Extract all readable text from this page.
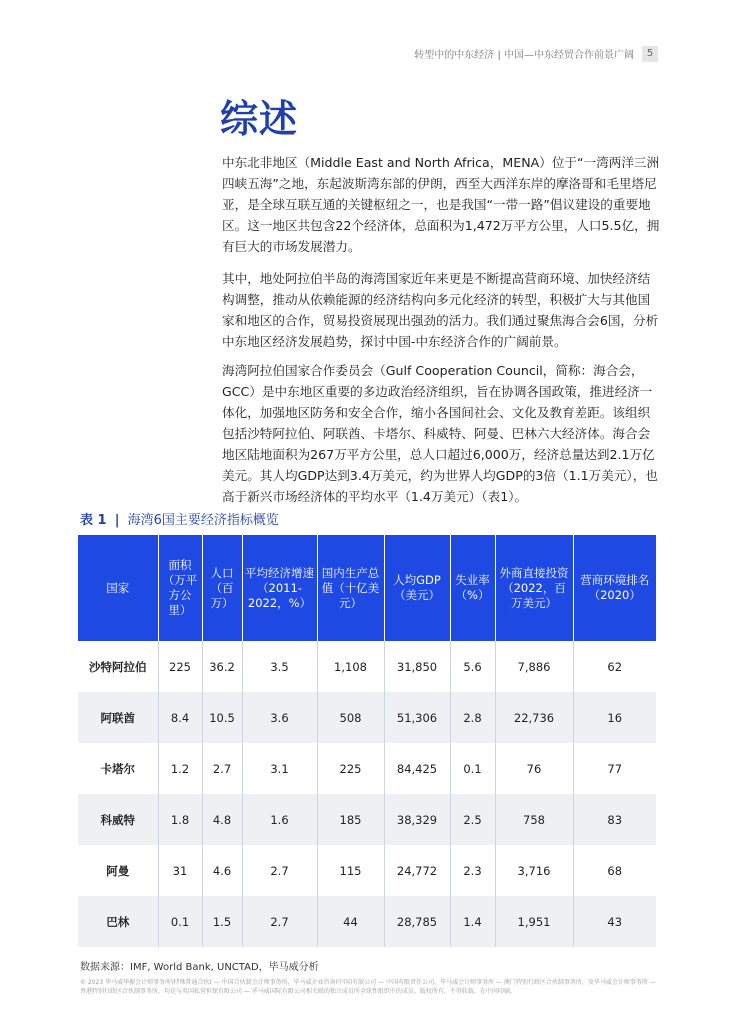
转型中的中东经济 | 中国—中东经贸合作前景广阔	5
综述
中东北非地区（Middle East and North Africa，MENA）位于“一湾两洋三洲四峡五海”之地，东起波斯湾东部的伊朗，西至大西洋东岸的摩洛哥和毛里塔尼亚，是全球互联互通的关键枢纽之一，也是我国“一带一路”倡议建设的重要地区。这一地区共包含22个经济体，总面积为1,472万平方公里，人口5.5亿，拥有巨大的市场发展潜力。
其中，地处阿拉伯半岛的海湾国家近年来更是不断提高营商环境、加快经济结构调整，推动从依赖能源的经济结构向多元化经济的转型，积极扩大与其他国家和地区的合作，贸易投资展现出强劲的活力。我们通过聚焦海合会6国，分析中东地区经济发展趋势，探讨中国-中东经济合作的广阔前景。
海湾阿拉伯国家合作委员会（Gulf Cooperation Council，简称：海合会，GCC）是中东地区重要的多边政治经济组织，旨在协调各国政策，推进经济一体化，加强地区防务和安全合作，缩小各国间社会、文化及教育差距。该组织包括沙特阿拉伯、阿联酋、卡塔尔、科威特、阿曼、巴林六大经济体。海合会地区陆地面积为267万平方公里，总人口超过6,000万，经济总量达到2.1万亿美元。其人均GDP达到3.4万美元，约为世界人均GDP的3倍（1.1万美元），也高于新兴市场经济体的平均水平（1.4万美元）（表1）。
表 1 | 海湾6国主要经济指标概览
国家	面积（万平方公里）	人口（百万）	平均经济增速（2011-2022，%）	国内生产总值（十亿美元）	人均GDP（美元）	失业率（%）	外商直接投资（2022，百万美元）	营商环境排名（2020）
沙特阿拉伯	225	36.2	3.5	1,108	31,850	5.6	7,886	62
阿联酋	8.4	10.5	3.6	508	51,306	2.8	22,736	16
卡塔尔	1.2	2.7	3.1	225	84,425	0.1	76	77
科威特	1.8	4.8	1.6	185	38,329	2.5	758	83
阿曼	31	4.6	2.7	115	24,772	2.3	3,716	68
巴林	0.1	1.5	2.7	44	28,785	1.4	1,951	43
数据来源：IMF, World Bank, UNCTAD，毕马威分析
© 2023 毕马威华振会计师事务所(特殊普通合伙) — 中国合伙制会计师事务所，毕马威企业咨询(中国)有限公司 — 中国有限责任公司，毕马威会计师事务所 — 澳门特别行政区合伙制事务所，及毕马威会计师事务所 — 香港特别行政区合伙制事务所，均是与英国私营担保有限公司 — 毕马威国际有限公司相关联的独立成员所全球性组织中的成员。版权所有，不得转载。在中国印刷。
